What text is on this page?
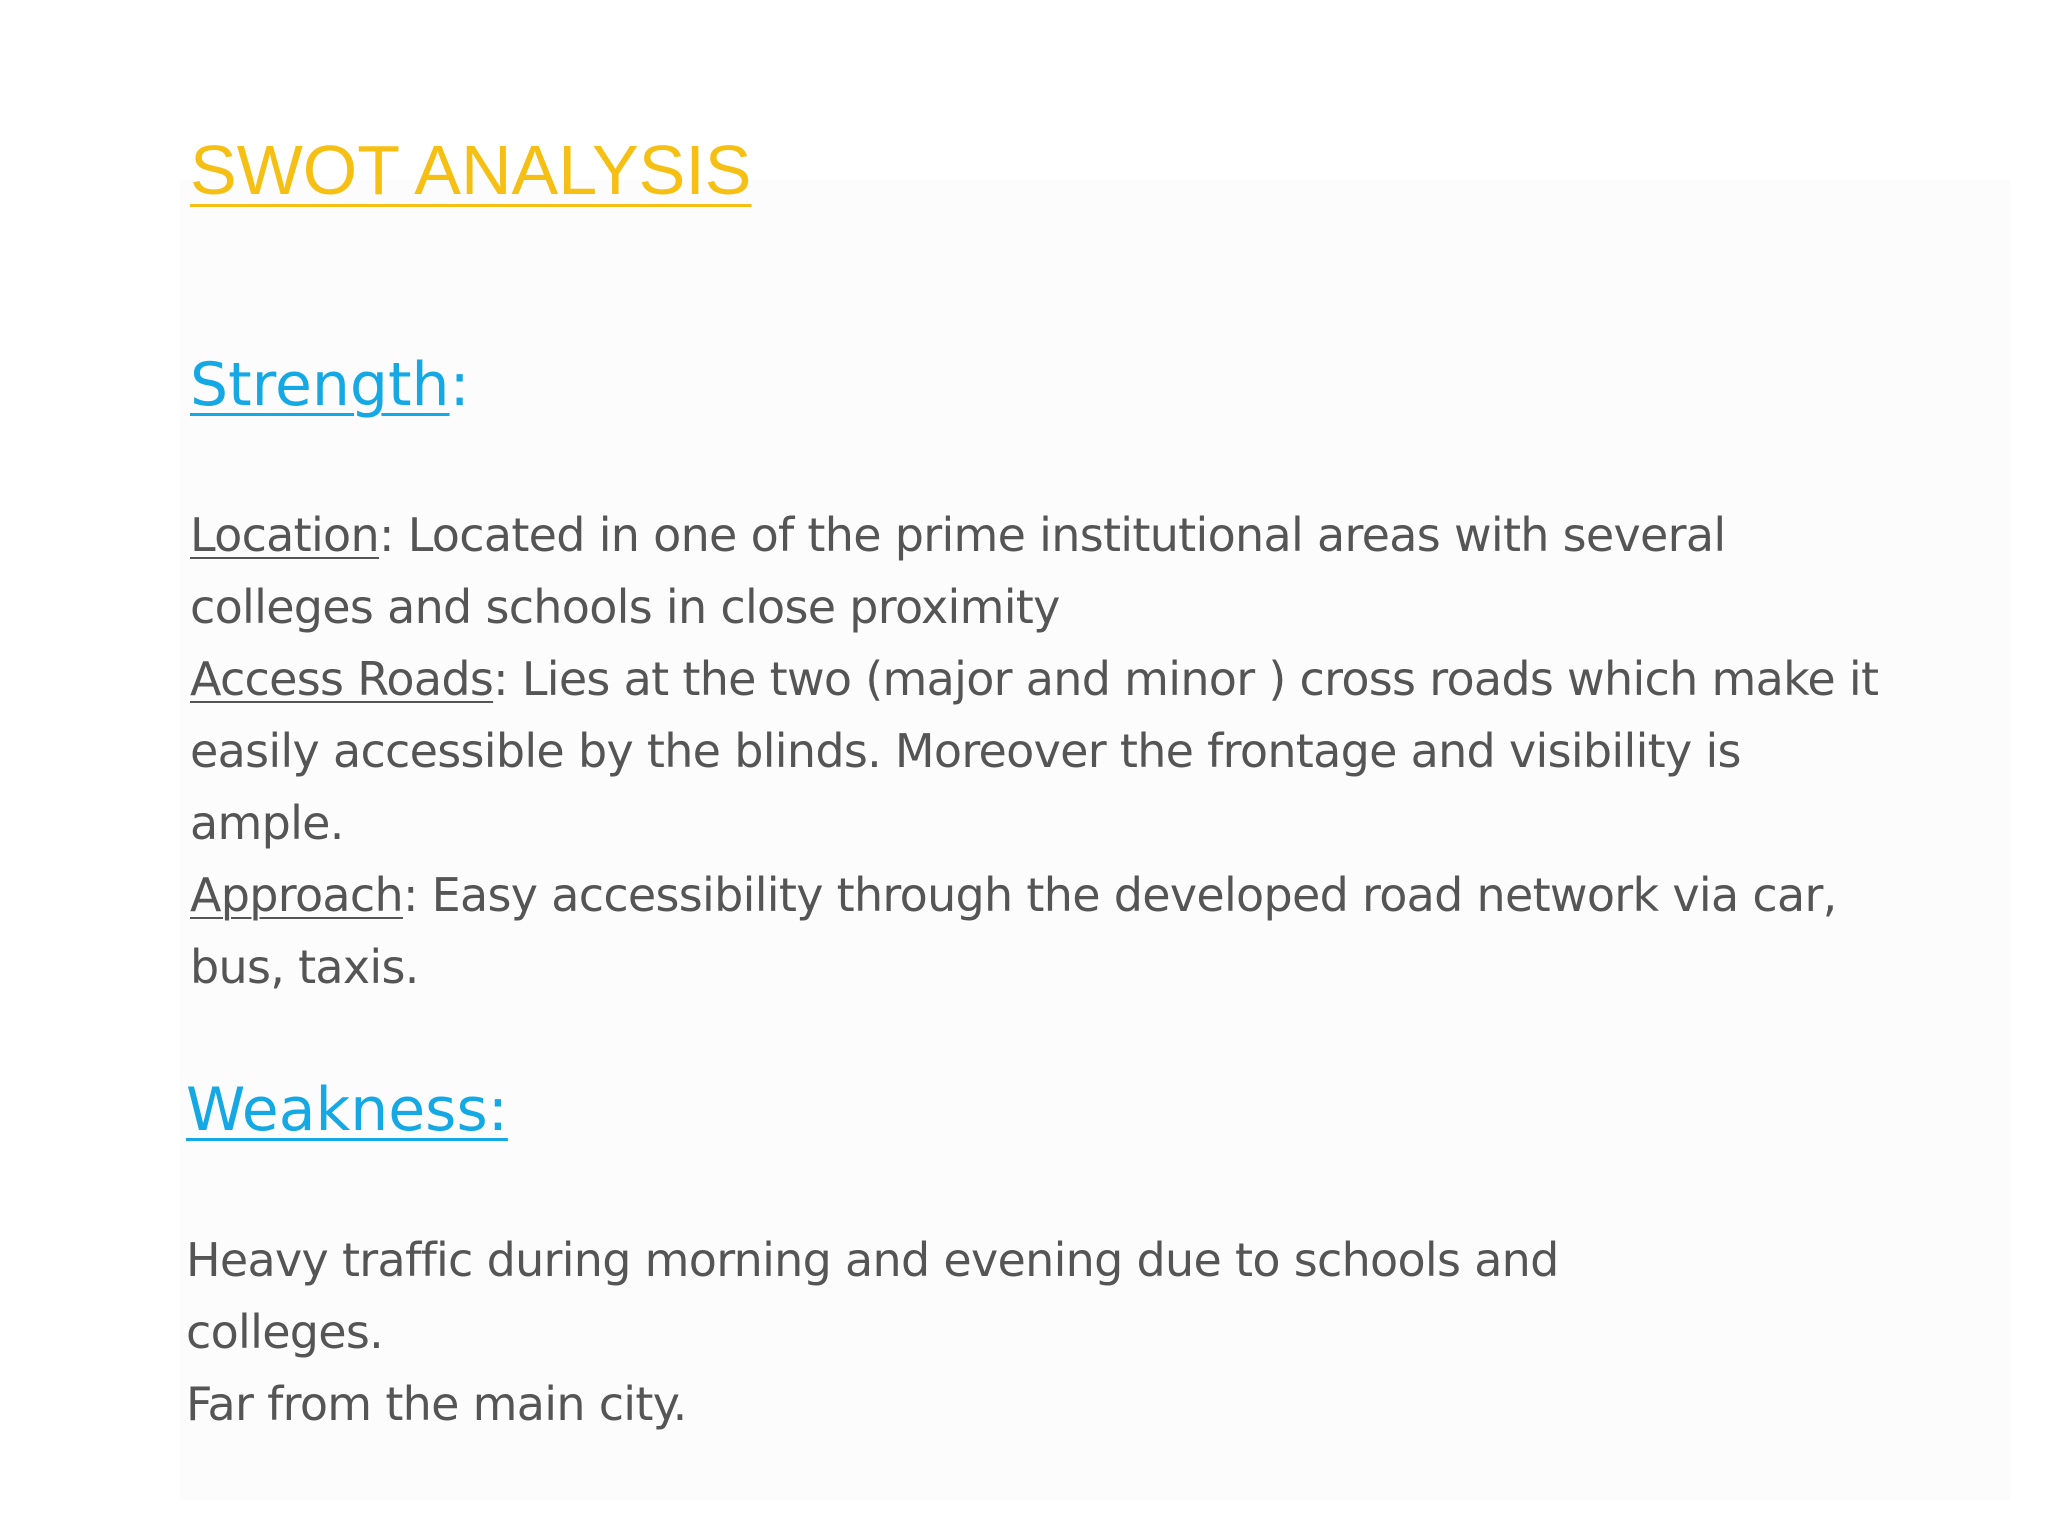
SWOT ANALYSIS
Strength:

Location: Located in one of the prime institutional areas with several colleges and schools in close proximity

Access Roads: Lies at the two (major and minor ) cross roads which make it easily accessible by the blinds. Moreover the frontage and visibility is ample.

Approach: Easy accessibility through the developed road network via car, bus, taxis.

Weakness:

Heavy traffic during morning and evening due to schools and colleges.

Far from the main city.
